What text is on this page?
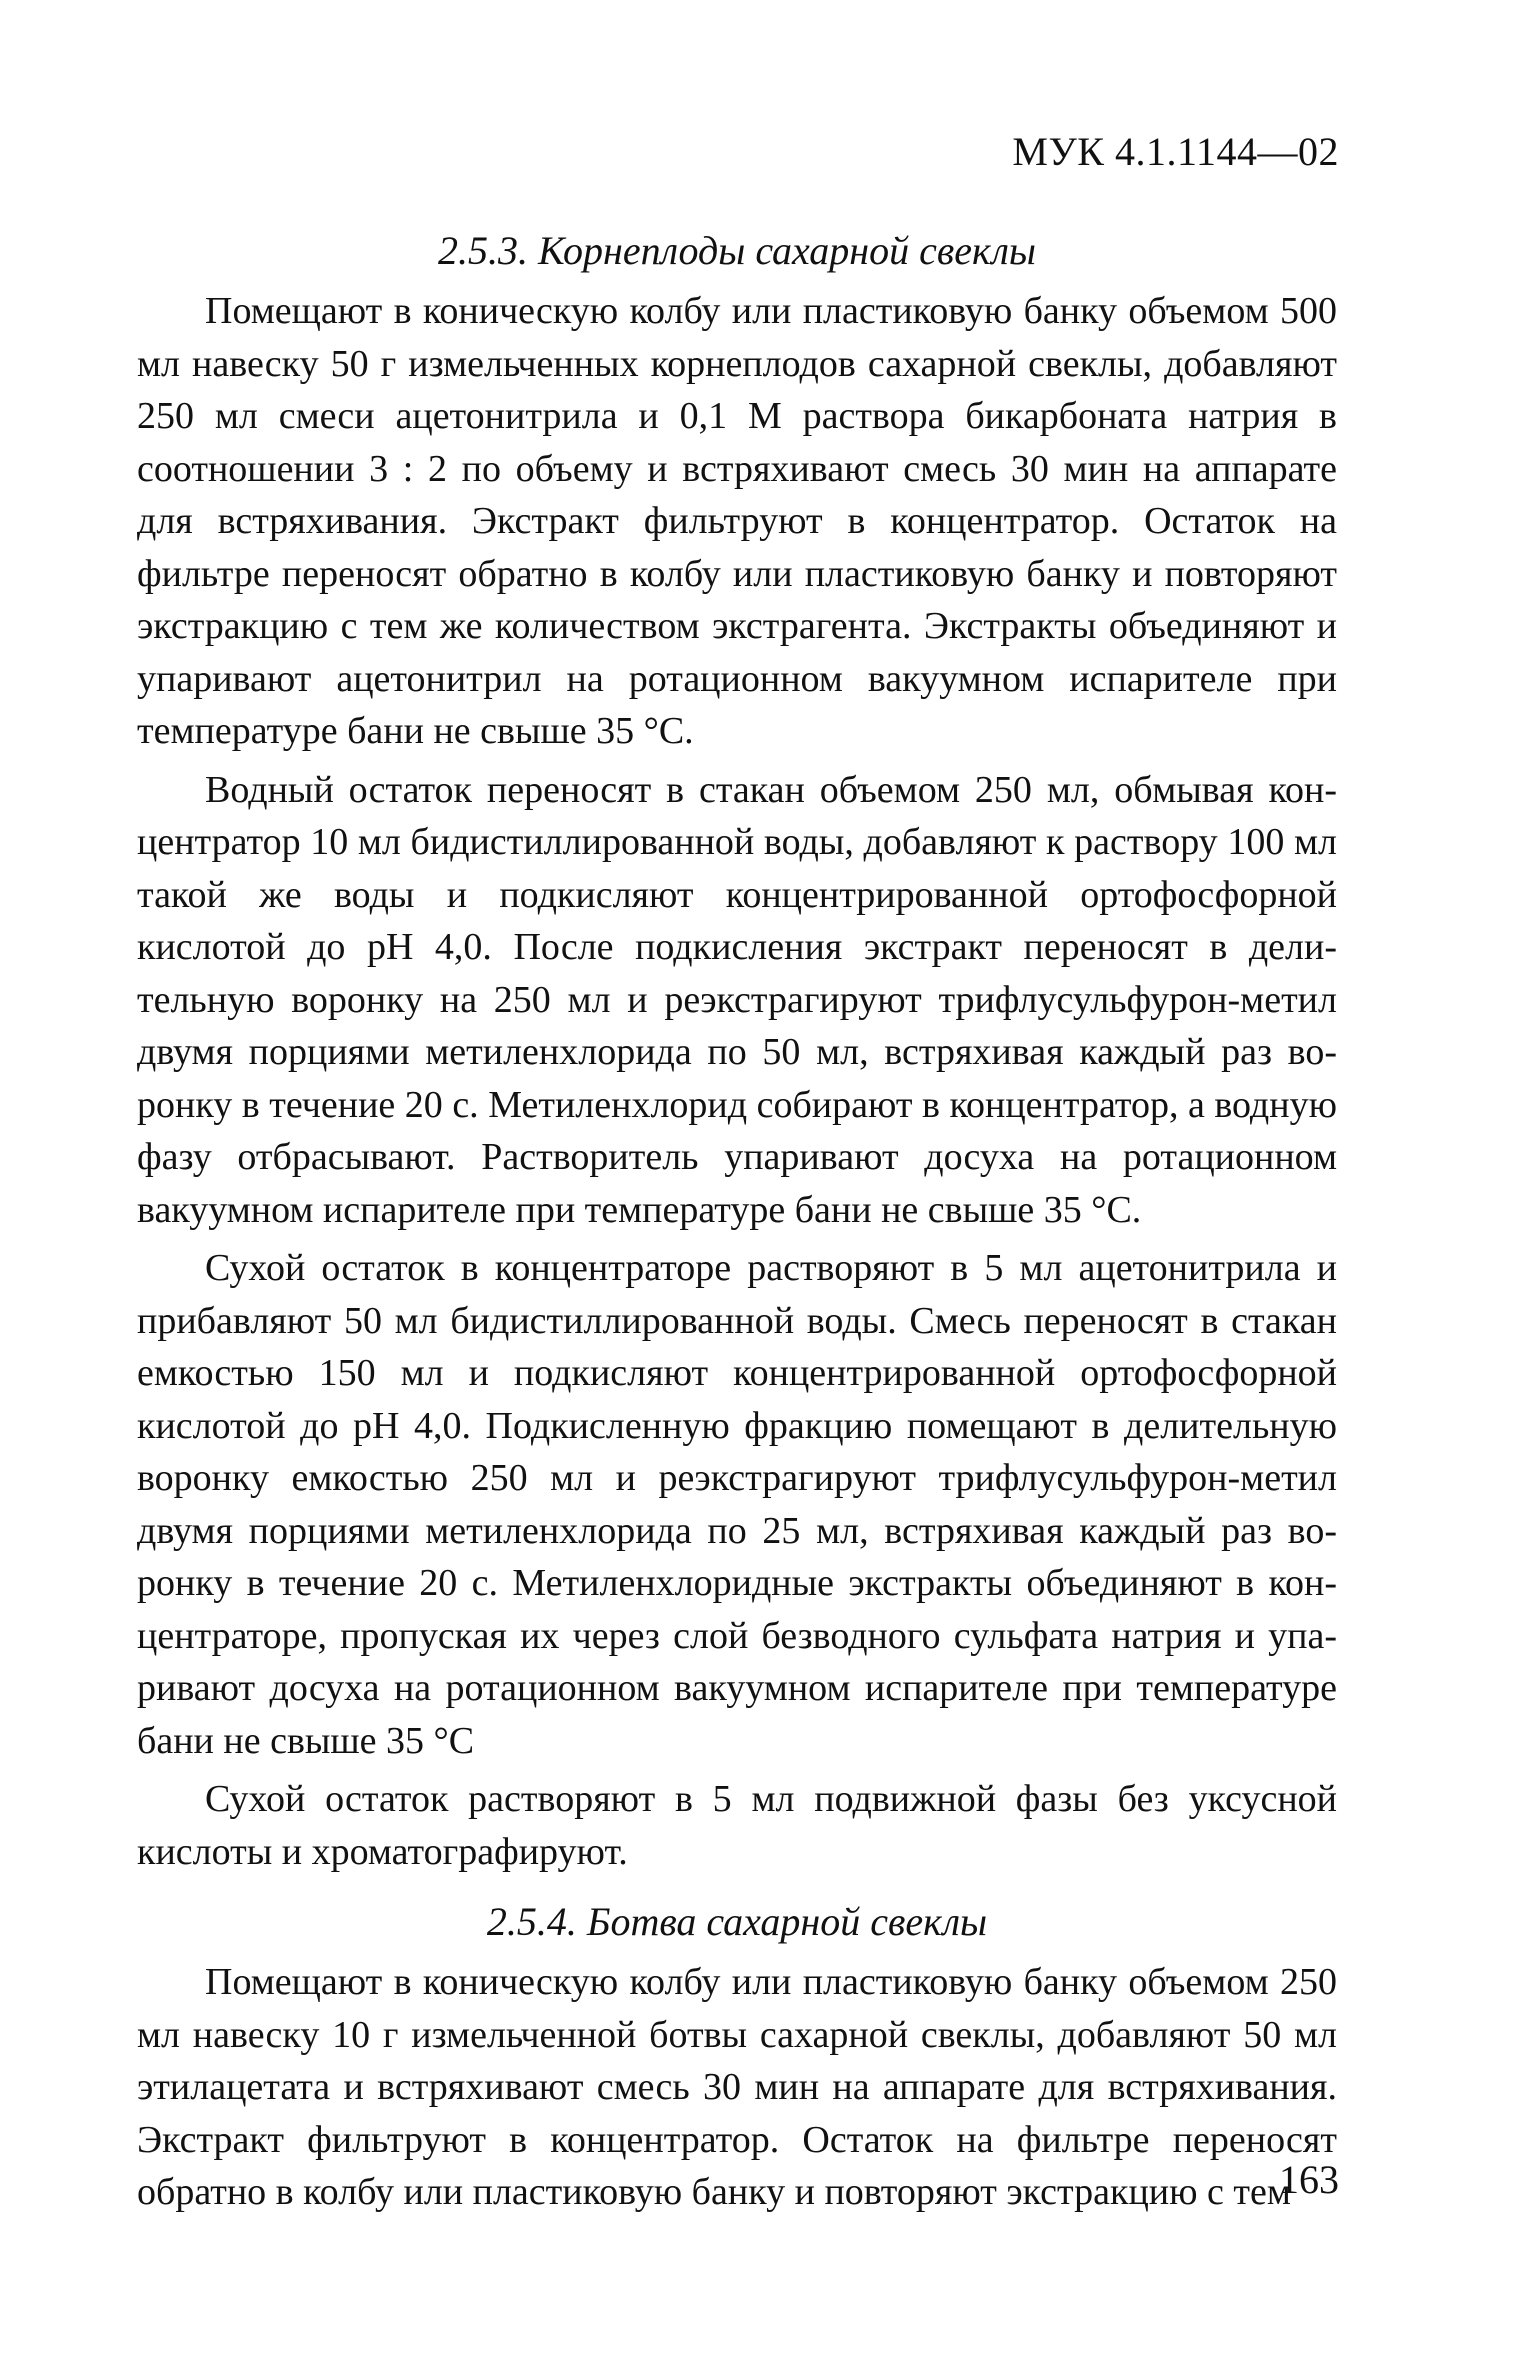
МУК 4.1.1144—02
2.5.3. Корнеплоды сахарной свеклы

Помещают в коническую колбу или пластиковую банку объемом 500 мл навеску 50 г измельченных корнеплодов сахарной свеклы, добавляют 250 мл смеси ацетонитрила и 0,1 М раствора бикарбоната натрия в соотношении 3 : 2 по объему и встряхивают смесь 30 мин на аппарате для встряхивания. Экстракт фильтруют в концентратор. Остаток на фильтре переносят обратно в колбу или пластиковую банку и повторяют экстракцию с тем же количеством экстрагента. Экстракты объединяют и упаривают ацетонитрил на ротационном вакуумном испарителе при температуре бани не свыше 35 °С.

Водный остаток переносят в стакан объемом 250 мл, обмывая концентратор 10 мл бидистиллированной воды, добавляют к раствору 100 мл такой же воды и подкисляют концентрированной ортофосфорной кислотой до pH 4,0. После подкисления экстракт переносят в делительную воронку на 250 мл и реэкстрагируют трифлусульфурон-метил двумя порциями метиленхлорида по 50 мл, встряхивая каждый раз воронку в течение 20 с. Метиленхлорид собирают в концентратор, а водную фазу отбрасывают. Растворитель упаривают досуха на ротационном вакуумном испарителе при температуре бани не свыше 35 °С.

Сухой остаток в концентраторе растворяют в 5 мл ацетонитрила и прибавляют 50 мл бидистиллированной воды. Смесь переносят в стакан емкостью 150 мл и подкисляют концентрированной ортофосфорной кислотой до pH 4,0. Подкисленную фракцию помещают в делительную воронку емкостью 250 мл и реэкстрагируют трифлусульфурон-метил двумя порциями метиленхлорида по 25 мл, встряхивая каждый раз воронку в течение 20 с. Метиленхлоридные экстракты объединяют в концентраторе, пропуская их через слой безводного сульфата натрия и упаривают досуха на ротационном вакуумном испарителе при температуре бани не свыше 35 °С

Сухой остаток растворяют в 5 мл подвижной фазы без уксусной кислоты и хроматографируют.

2.5.4. Ботва сахарной свеклы

Помещают в коническую колбу или пластиковую банку объемом 250 мл навеску 10 г измельченной ботвы сахарной свеклы, добавляют 50 мл этилацетата и встряхивают смесь 30 мин на аппарате для встряхивания. Экстракт фильтруют в концентратор. Остаток на фильтре переносят обратно в колбу или пластиковую банку и повторяют экстракцию с тем

163
